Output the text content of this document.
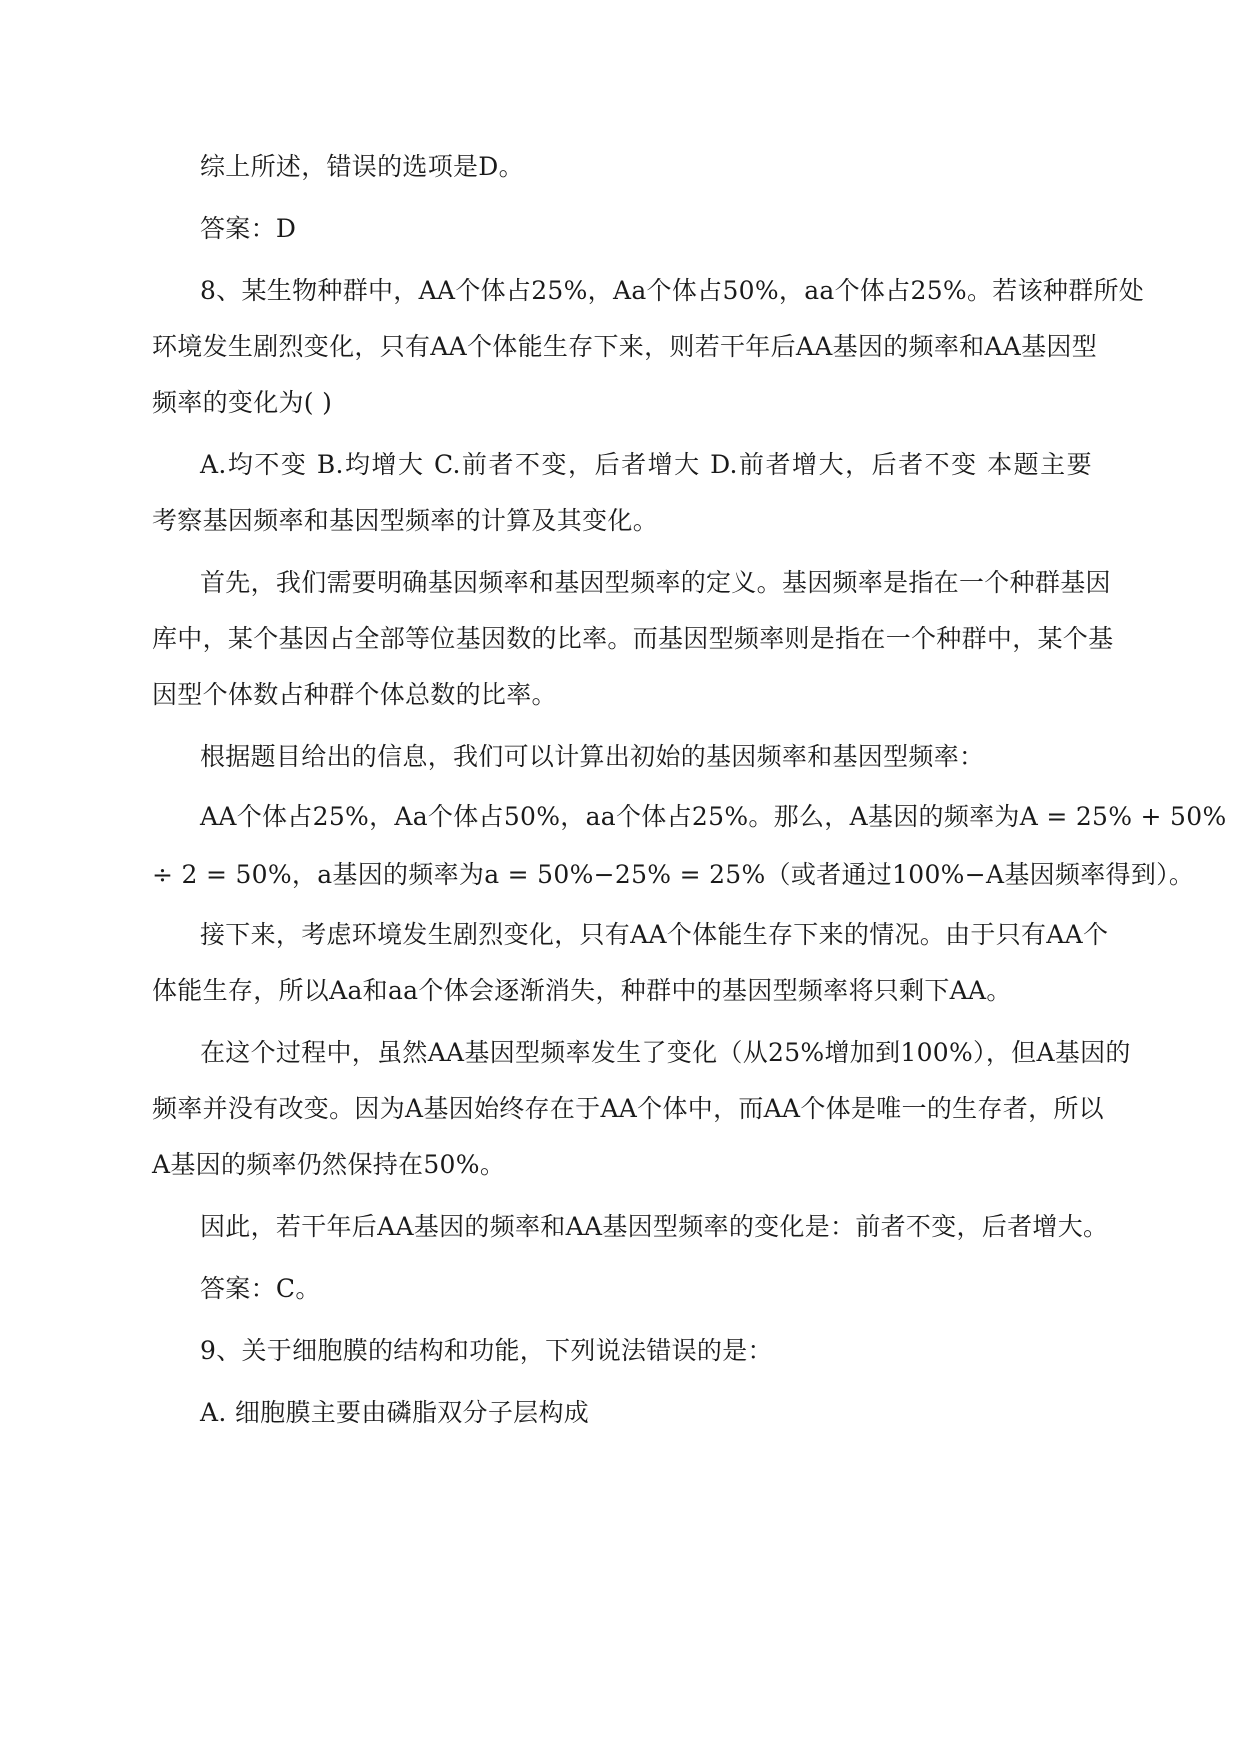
综上所述，错误的选项是D。
答案：D
8、某生物种群中，AA个体占25%，Aa个体占50%，aa个体占25%。若该种群所处
环境发生剧烈变化，只有AA个体能生存下来，则若干年后AA基因的频率和AA基因型
频率的变化为( )
A.均不变 B.均增大 C.前者不变，后者增大 D.前者增大，后者不变 本题主要
考察基因频率和基因型频率的计算及其变化。
首先，我们需要明确基因频率和基因型频率的定义。基因频率是指在一个种群基因
库中，某个基因占全部等位基因数的比率。而基因型频率则是指在一个种群中，某个基
因型个体数占种群个体总数的比率。
根据题目给出的信息，我们可以计算出初始的基因频率和基因型频率：
AA个体占25%，Aa个体占50%，aa个体占25%。那么，A基因的频率为A = 25% + 50%
÷ 2 = 50%，a基因的频率为a = 50%−25% = 25%（或者通过100%−A基因频率得到）。
接下来，考虑环境发生剧烈变化，只有AA个体能生存下来的情况。由于只有AA个
体能生存，所以Aa和aa个体会逐渐消失，种群中的基因型频率将只剩下AA。
在这个过程中，虽然AA基因型频率发生了变化（从25%增加到100%），但A基因的
频率并没有改变。因为A基因始终存在于AA个体中，而AA个体是唯一的生存者，所以
A基因的频率仍然保持在50%。
因此，若干年后AA基因的频率和AA基因型频率的变化是：前者不变，后者增大。
答案：C。
9、关于细胞膜的结构和功能，下列说法错误的是：
A. 细胞膜主要由磷脂双分子层构成
